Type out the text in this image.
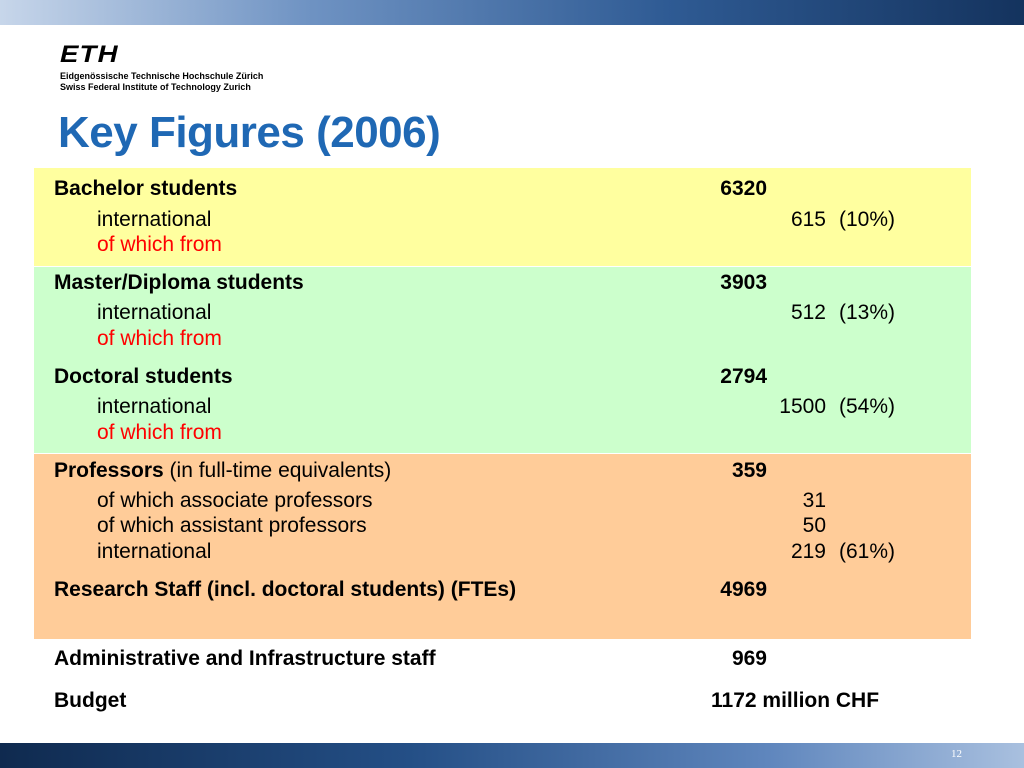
ETH
Eidgenössische Technische Hochschule Zürich
Swiss Federal Institute of Technology Zurich
Key Figures (2006)
Bachelor students	6320
international	615 (10%)
of which from
Master/Diploma students	3903
international	512 (13%)
of which from
Doctoral students	2794
international	1500 (54%)
of which from
Professors (in full-time equivalents)	359
of which associate professors	31
of which assistant professors	50
international	219 (61%)
Research Staff (incl. doctoral students) (FTEs)	4969
Administrative and Infrastructure staff	969
Budget	1172 million CHF
12
